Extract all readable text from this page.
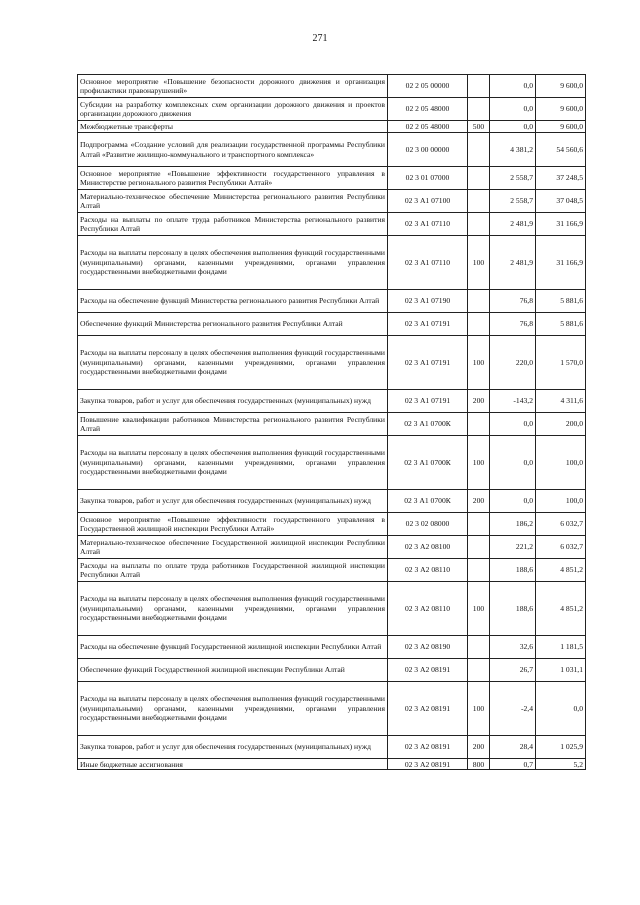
271
Основное мероприятие «Повышение безопасности дорожного движения и организация профилактики правонарушений»	02 2 05 00000		0,0	9 600,0
Субсидии на разработку комплексных схем организации дорожного движения и проектов организации дорожного движения	02 2 05 48000		0,0	9 600,0
Межбюджетные трансферты	02 2 05 48000	500	0,0	9 600,0
Подпрограмма «Создание условий для реализации государственной программы Республики Алтай «Развитие жилищно-коммунального и транспортного комплекса»	02 3 00 00000		4 381,2	54 560,6
Основное мероприятие «Повышение эффективности государственного управления в Министерстве регионального развития Республики Алтай»	02 3 01 07000		2 558,7	37 248,5
Материально-техническое обеспечение Министерства регионального развития Республики Алтай	02 3 А1 07100		2 558,7	37 048,5
Расходы на выплаты по оплате труда работников Министерства регионального развития Республики Алтай	02 3 А1 07110		2 481,9	31 166,9
Расходы на выплаты персоналу в целях обеспечения выполнения функций государственными (муниципальными) органами, казенными учреждениями, органами управления государственными внебюджетными фондами	02 3 А1 07110	100	2 481,9	31 166,9
Расходы на обеспечение функций Министерства регионального развития Республики Алтай	02 3 А1 07190		76,8	5 881,6
Обеспечение функций Министерства регионального развития Республики Алтай	02 3 А1 07191		76,8	5 881,6
Расходы на выплаты персоналу в целях обеспечения выполнения функций государственными (муниципальными) органами, казенными учреждениями, органами управления государственными внебюджетными фондами	02 3 А1 07191	100	220,0	1 570,0
Закупка товаров, работ и услуг для обеспечения государственных (муниципальных) нужд	02 3 А1 07191	200	-143,2	4 311,6
Повышение квалификации работников Министерства регионального развития Республики Алтай	02 3 А1 0700К		0,0	200,0
Расходы на выплаты персоналу в целях обеспечения выполнения функций государственными (муниципальными) органами, казенными учреждениями, органами управления государственными внебюджетными фондами	02 3 А1 0700К	100	0,0	100,0
Закупка товаров, работ и услуг для обеспечения государственных (муниципальных) нужд	02 3 А1 0700К	200	0,0	100,0
Основное мероприятие «Повышение эффективности государственного управления в Государственной жилищной инспекции Республики Алтай»	02 3 02 08000		186,2	6 032,7
Материально-техническое обеспечение Государственной жилищной инспекции Республики Алтай	02 3 А2 08100		221,2	6 032,7
Расходы на выплаты по оплате труда работников Государственной жилищной инспекции Республики Алтай	02 3 А2 08110		188,6	4 851,2
Расходы на выплаты персоналу в целях обеспечения выполнения функций государственными (муниципальными) органами, казенными учреждениями, органами управления государственными внебюджетными фондами	02 3 А2 08110	100	188,6	4 851,2
Расходы на обеспечение функций Государственной жилищной инспекции Республики Алтай	02 3 А2 08190		32,6	1 181,5
Обеспечение функций Государственной жилищной инспекции Республики Алтай	02 3 А2 08191		26,7	1 031,1
Расходы на выплаты персоналу в целях обеспечения выполнения функций государственными (муниципальными) органами, казенными учреждениями, органами управления государственными внебюджетными фондами	02 3 А2 08191	100	-2,4	0,0
Закупка товаров, работ и услуг для обеспечения государственных (муниципальных) нужд	02 3 А2 08191	200	28,4	1 025,9
Иные бюджетные ассигнования	02 3 А2 08191	800	0,7	5,2
